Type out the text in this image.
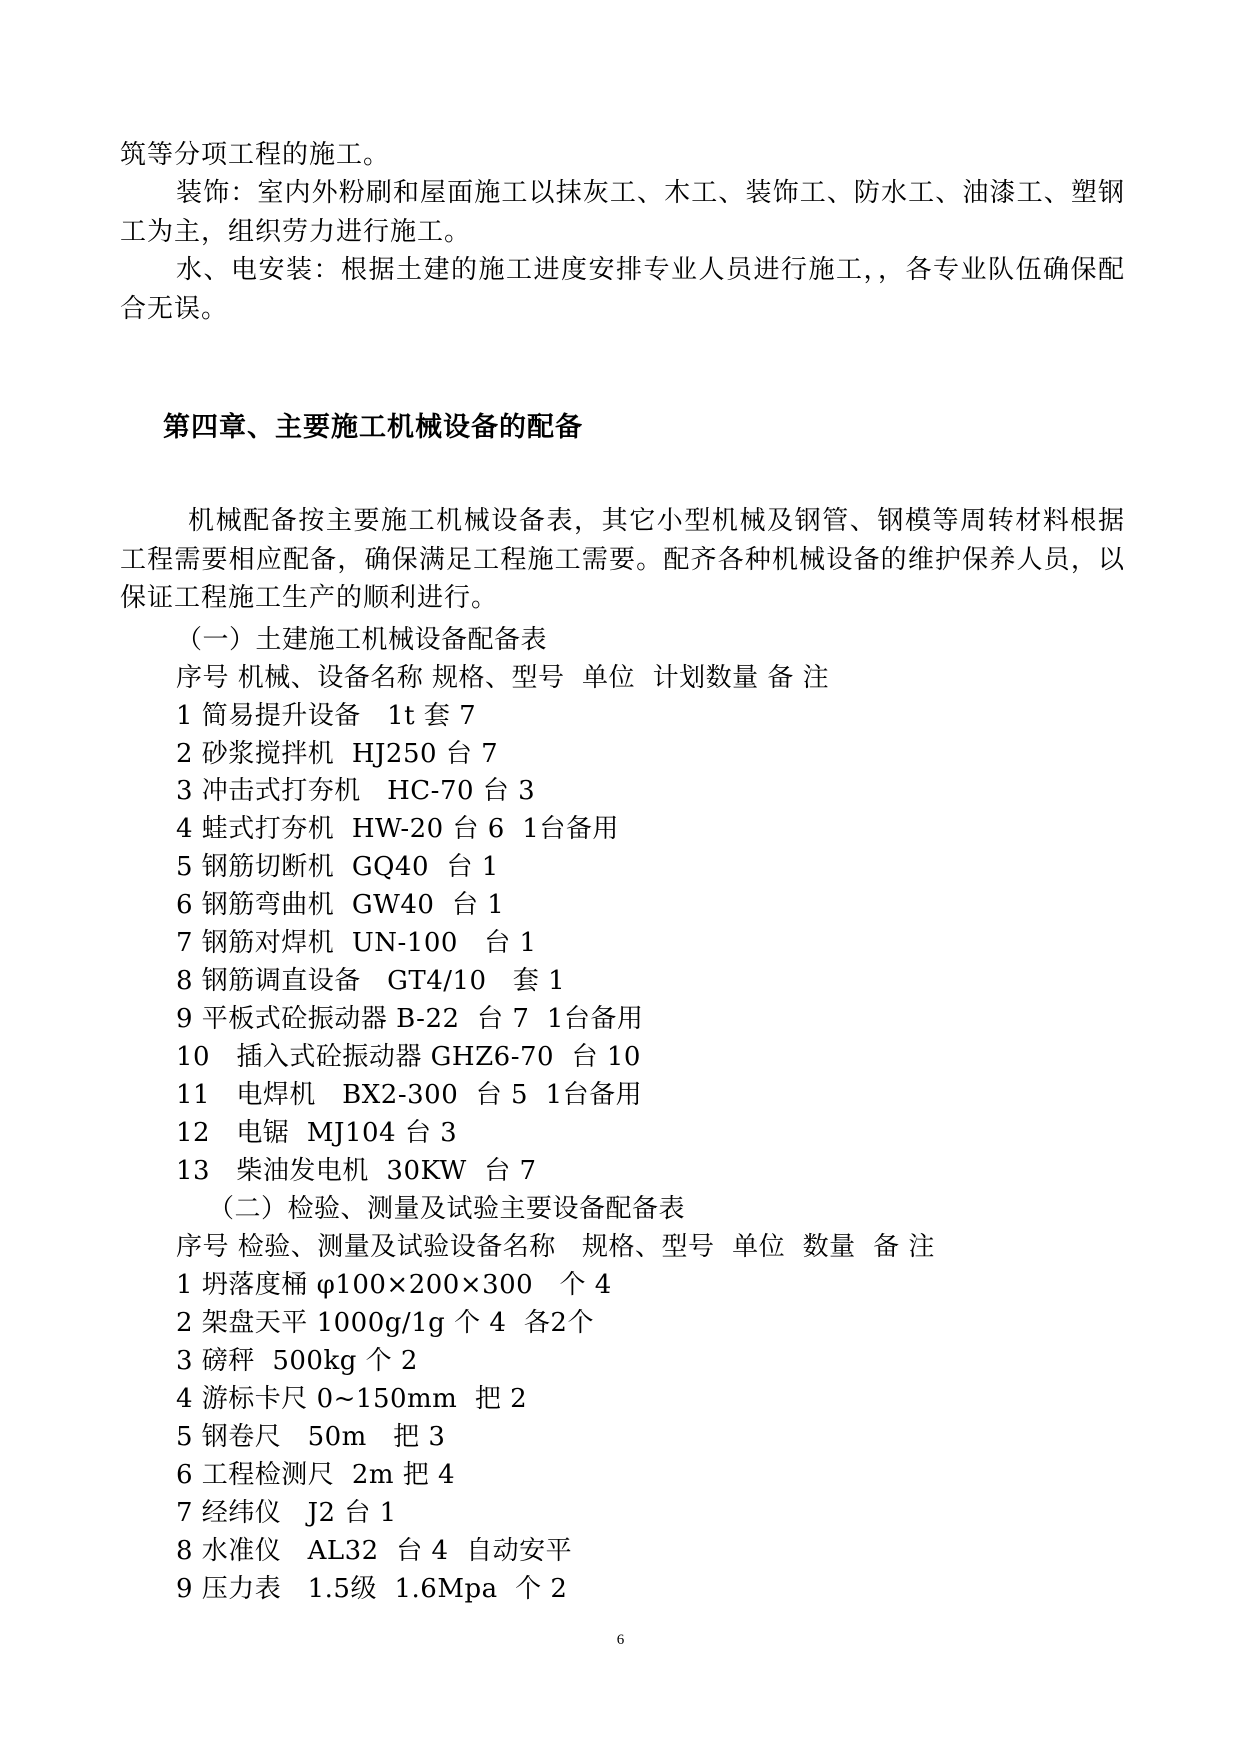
筑等分项工程的施工。
装饰：室内外粉刷和屋面施工以抹灰工、木工、装饰工、防水工、油漆工、塑钢工为主，组织劳力进行施工。
水、电安装：根据土建的施工进度安排专业人员进行施工，，各专业队伍确保配合无误。
第四章、主要施工机械设备的配备
机械配备按主要施工机械设备表，其它小型机械及钢管、钢模等周转材料根据工程需要相应配备，确保满足工程施工需要。配齐各种机械设备的维护保养人员，以保证工程施工生产的顺利进行。
（一）土建施工机械设备配备表
序号 机械、设备名称 规格、型号  单位  计划数量 备 注
1 简易提升设备   1t 套 7
2 砂浆搅拌机  HJ250 台 7
3 冲击式打夯机   HC-70 台 3
4 蛙式打夯机  HW-20 台 6  1台备用
5 钢筋切断机  GQ40  台 1
6 钢筋弯曲机  GW40  台 1
7 钢筋对焊机  UN-100   台 1
8 钢筋调直设备   GT4/10   套 1
9 平板式砼振动器 B-22  台 7  1台备用
10   插入式砼振动器 GHZ6-70  台 10
11   电焊机   BX2-300  台 5  1台备用
12   电锯  MJ104 台 3
13   柴油发电机  30KW  台 7
（二）检验、测量及试验主要设备配备表
序号 检验、测量及试验设备名称   规格、型号  单位  数量  备 注
1 坍落度桶 φ100×200×300   个 4
2 架盘天平 1000g/1g 个 4  各2个
3 磅秤  500kg 个 2
4 游标卡尺 0~150mm  把 2
5 钢卷尺   50m   把 3
6 工程检测尺  2m 把 4
7 经纬仪   J2 台 1
8 水准仪   AL32  台 4  自动安平
9 压力表   1.5级  1.6Mpa  个 2
6
